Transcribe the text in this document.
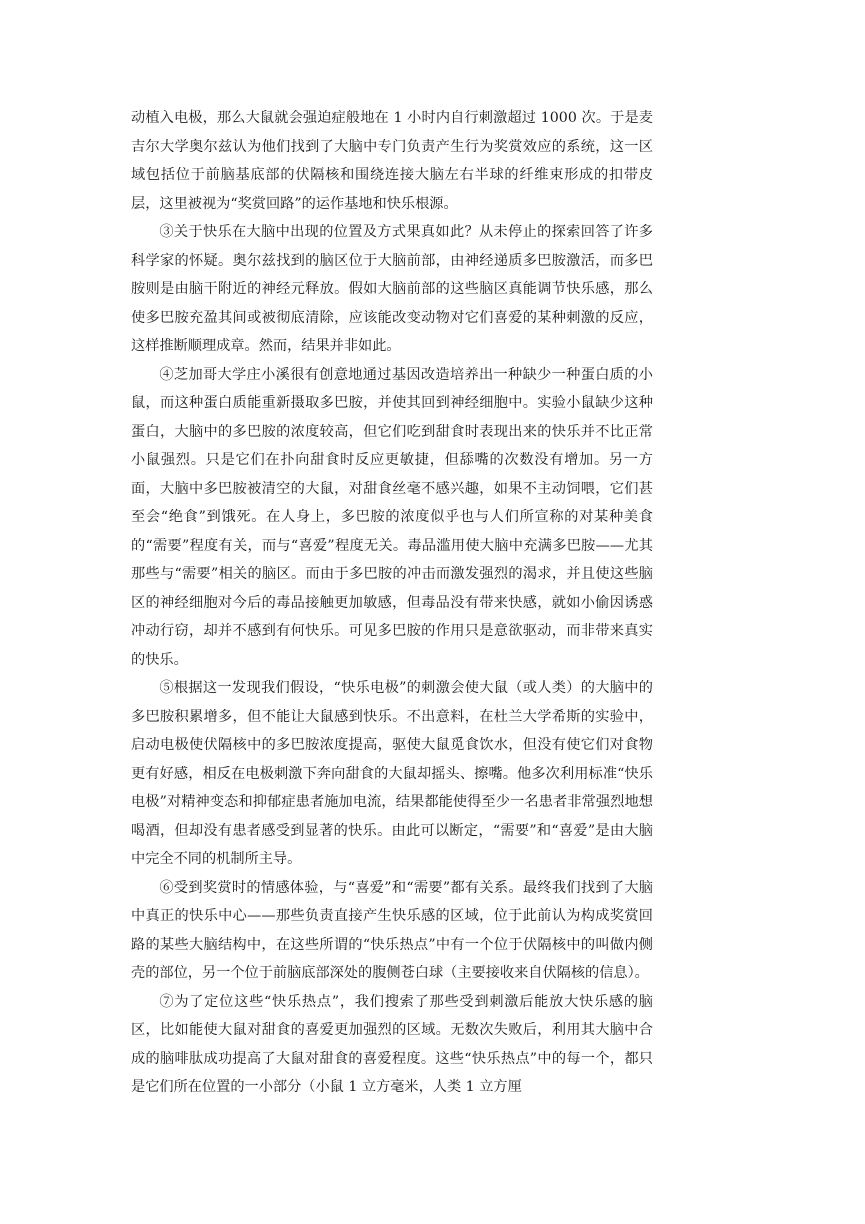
动植入电极，那么大鼠就会强迫症般地在 1 小时内自行刺激超过 1000 次。于是麦吉尔大学奥尔兹认为他们找到了大脑中专门负责产生行为奖赏效应的系统，这一区域包括位于前脑基底部的伏隔核和围绕连接大脑左右半球的纤维束形成的扣带皮层，这里被视为“奖赏回路”的运作基地和快乐根源。

③关于快乐在大脑中出现的位置及方式果真如此？从未停止的探索回答了许多科学家的怀疑。奥尔兹找到的脑区位于大脑前部，由神经递质多巴胺激活，而多巴胺则是由脑干附近的神经元释放。假如大脑前部的这些脑区真能调节快乐感，那么使多巴胺充盈其间或被彻底清除，应该能改变动物对它们喜爱的某种刺激的反应，这样推断顺理成章。然而，结果并非如此。

④芝加哥大学庄小溪很有创意地通过基因改造培养出一种缺少一种蛋白质的小鼠，而这种蛋白质能重新摄取多巴胺，并使其回到神经细胞中。实验小鼠缺少这种蛋白，大脑中的多巴胺的浓度较高，但它们吃到甜食时表现出来的快乐并不比正常小鼠强烈。只是它们在扑向甜食时反应更敏捷，但舔嘴的次数没有增加。另一方面，大脑中多巴胺被清空的大鼠，对甜食丝毫不感兴趣，如果不主动饲喂，它们甚至会“绝食”到饿死。在人身上，多巴胺的浓度似乎也与人们所宣称的对某种美食的“需要”程度有关，而与“喜爱”程度无关。毒品滥用使大脑中充满多巴胺——尤其那些与“需要”相关的脑区。而由于多巴胺的冲击而激发强烈的渴求，并且使这些脑区的神经细胞对今后的毒品接触更加敏感，但毒品没有带来快感，就如小偷因诱惑冲动行窃，却并不感到有何快乐。可见多巴胺的作用只是意欲驱动，而非带来真实的快乐。

⑤根据这一发现我们假设，“快乐电极”的刺激会使大鼠（或人类）的大脑中的多巴胺积累增多，但不能让大鼠感到快乐。不出意料，在杜兰大学希斯的实验中，启动电极使伏隔核中的多巴胺浓度提高，驱使大鼠觅食饮水，但没有使它们对食物更有好感，相反在电极刺激下奔向甜食的大鼠却摇头、擦嘴。他多次利用标准“快乐电极”对精神变态和抑郁症患者施加电流，结果都能使得至少一名患者非常强烈地想喝酒，但却没有患者感受到显著的快乐。由此可以断定，“需要”和“喜爱”是由大脑中完全不同的机制所主导。

⑥受到奖赏时的情感体验，与“喜爱”和“需要”都有关系。最终我们找到了大脑中真正的快乐中心——那些负责直接产生快乐感的区域，位于此前认为构成奖赏回路的某些大脑结构中，在这些所谓的“快乐热点”中有一个位于伏隔核中的叫做内侧壳的部位，另一个位于前脑底部深处的腹侧苍白球（主要接收来自伏隔核的信息）。

⑦为了定位这些“快乐热点”，我们搜索了那些受到刺激后能放大快乐感的脑区，比如能使大鼠对甜食的喜爱更加强烈的区域。无数次失败后，利用其大脑中合成的脑啡肽成功提高了大鼠对甜食的喜爱程度。这些“快乐热点”中的每一个，都只是它们所在位置的一小部分（小鼠 1 立方毫米，人类 1 立方厘
